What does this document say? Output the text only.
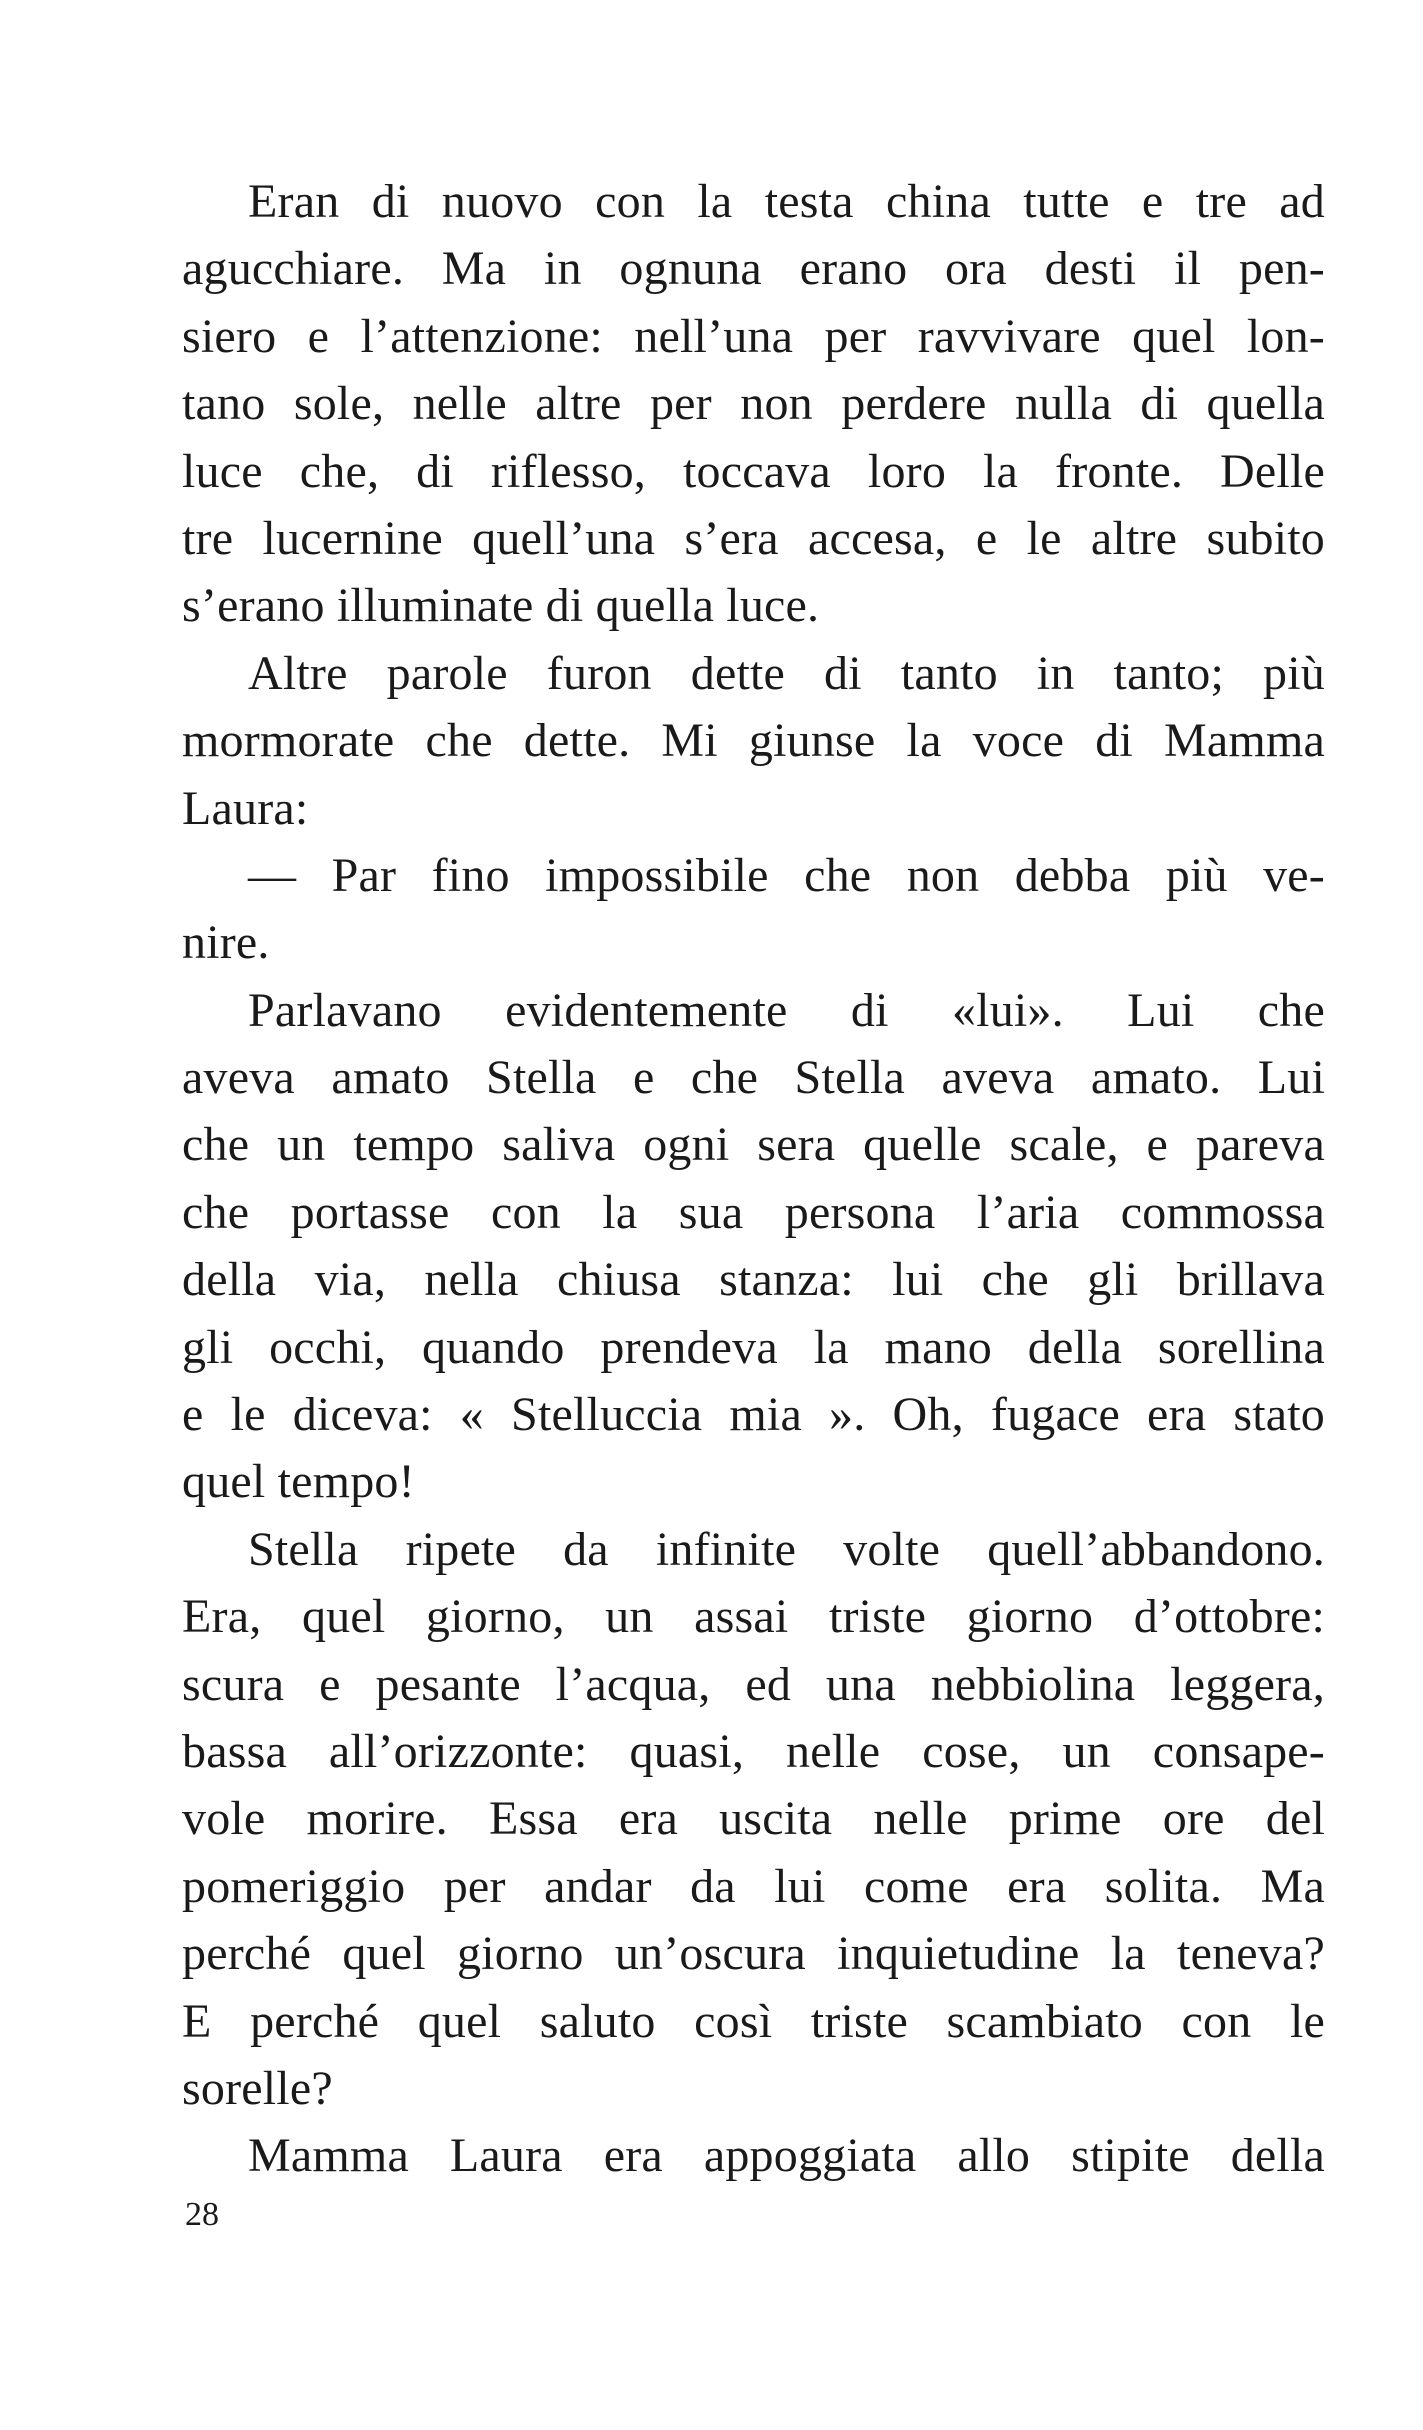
Eran di nuovo con la testa china tutte e tre ad
agucchiare. Ma in ognuna erano ora desti il pen-
siero e l’attenzione: nell’una per ravvivare quel lon-
tano sole, nelle altre per non perdere nulla di quella
luce che, di riflesso, toccava loro la fronte. Delle
tre lucernine quell’una s’era accesa, e le altre subito
s’erano illuminate di quella luce.
Altre parole furon dette di tanto in tanto; più
mormorate che dette. Mi giunse la voce di Mamma
Laura:
— Par fino impossibile che non debba più ve-
nire.
Parlavano evidentemente di «lui». Lui che
aveva amato Stella e che Stella aveva amato. Lui
che un tempo saliva ogni sera quelle scale, e pareva
che portasse con la sua persona l’aria commossa
della via, nella chiusa stanza: lui che gli brillava
gli occhi, quando prendeva la mano della sorellina
e le diceva: « Stelluccia mia ». Oh, fugace era stato
quel tempo!
Stella ripete da infinite volte quell’abbandono.
Era, quel giorno, un assai triste giorno d’ottobre:
scura e pesante l’acqua, ed una nebbiolina leggera,
bassa all’orizzonte: quasi, nelle cose, un consape-
vole morire. Essa era uscita nelle prime ore del
pomeriggio per andar da lui come era solita. Ma
perché quel giorno un’oscura inquietudine la teneva?
E perché quel saluto così triste scambiato con le
sorelle?
Mamma Laura era appoggiata allo stipite della
28
